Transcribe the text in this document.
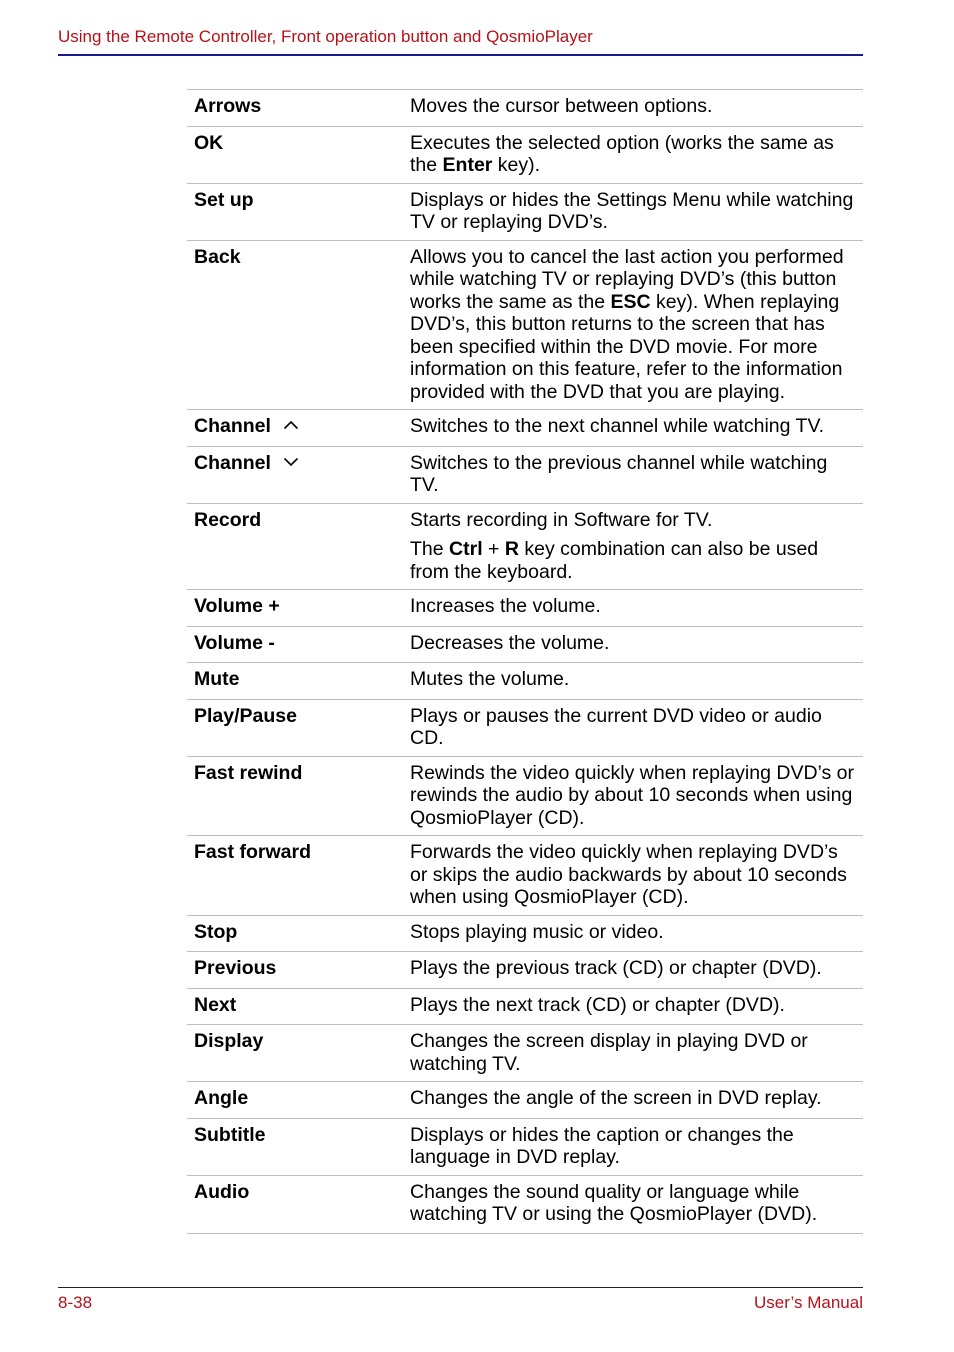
Using the Remote Controller, Front operation button and QosmioPlayer
Arrows	Moves the cursor between options.

OK	Executes the selected option (works the same as the Enter key).

Set up	Displays or hides the Settings Menu while watching TV or replaying DVD’s.

Back	Allows you to cancel the last action you performed while watching TV or replaying DVD’s (this button works the same as the ESC key). When replaying DVD’s, this button returns to the screen that has been specified within the DVD movie. For more information on this feature, refer to the information provided with the DVD that you are playing.

Channel	Switches to the next channel while watching TV.

Channel	Switches to the previous channel while watching TV.

Record	Starts recording in Software for TV.

The Ctrl + R key combination can also be used from the keyboard.

Volume +	Increases the volume.

Volume -	Decreases the volume.

Mute	Mutes the volume.

Play/Pause	Plays or pauses the current DVD video or audio CD.

Fast rewind	Rewinds the video quickly when replaying DVD’s or rewinds the audio by about 10 seconds when using QosmioPlayer (CD).

Fast forward	Forwards the video quickly when replaying DVD’s or skips the audio backwards by about 10 seconds when using QosmioPlayer (CD).

Stop	Stops playing music or video.

Previous	Plays the previous track (CD) or chapter (DVD).

Next	Plays the next track (CD) or chapter (DVD).

Display	Changes the screen display in playing DVD or watching TV.

Angle	Changes the angle of the screen in DVD replay.

Subtitle	Displays or hides the caption or changes the language in DVD replay.

Audio	Changes the sound quality or language while watching TV or using the QosmioPlayer (DVD).

8-38	User’s Manual
